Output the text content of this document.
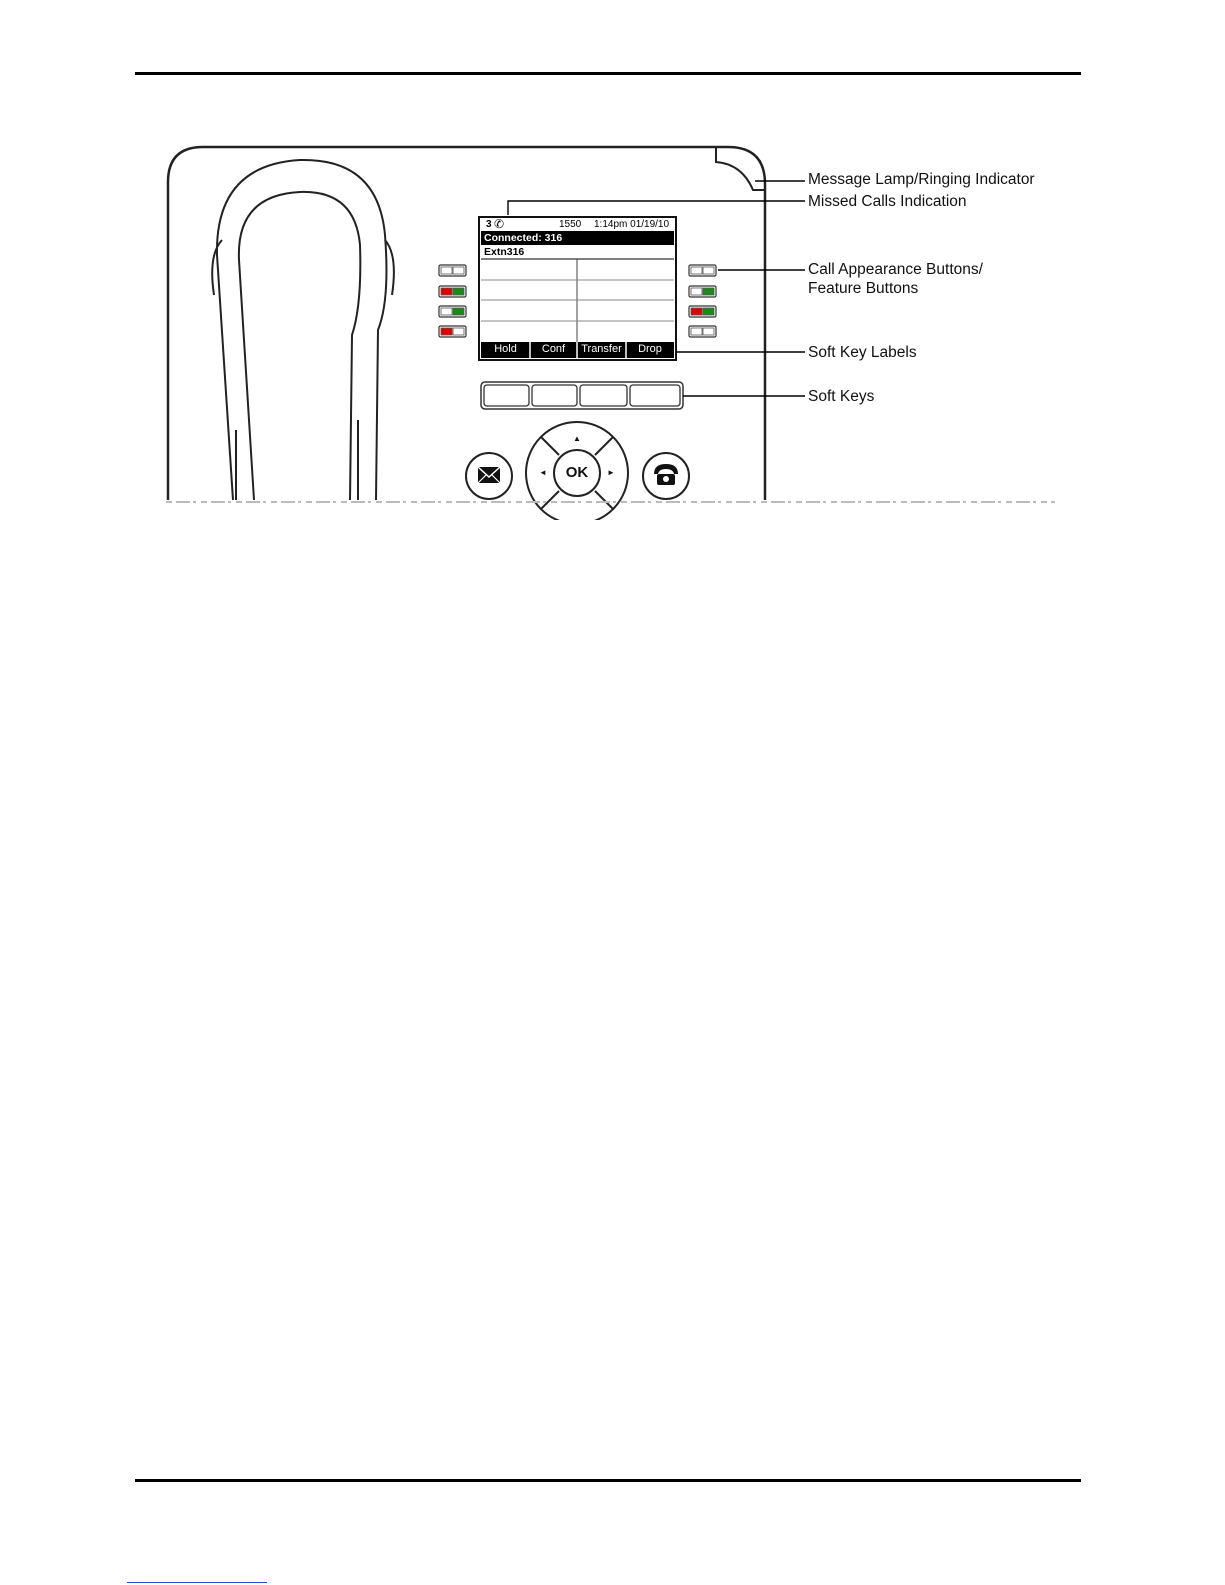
3 ✆	1550 1:14pm 01/19/10
Connected: 316
Extn316
Hold	Conf	Transfer	Drop
OK
▲
◄	►
Message Lamp/Ringing Indicator
Missed Calls Indication
Call Appearance Buttons/
Feature Buttons
Soft Key Labels
Soft Keys
